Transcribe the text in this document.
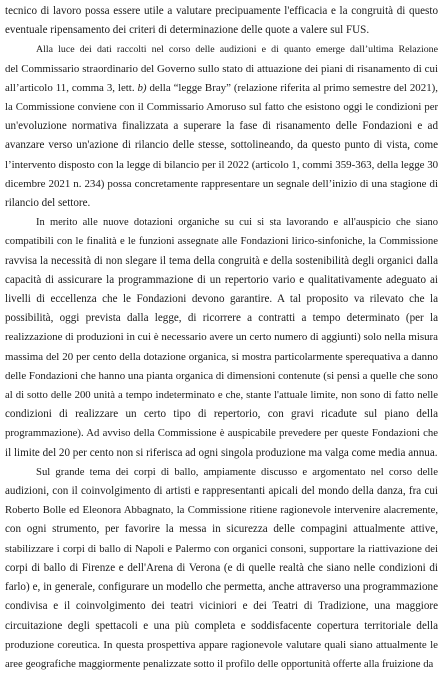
tecnico di lavoro possa essere utile a valutare precipuamente l'efficacia e la congruità di questo
eventuale ripensamento dei criteri di determinazione delle quote a valere sul FUS.

Alla luce dei dati raccolti nel corso delle audizioni e di quanto emerge dall’ultima Relazione
del Commissario straordinario del Governo sullo stato di attuazione dei piani di risanamento di cui
all’articolo 11, comma 3, lett. b) della “legge Bray” (relazione riferita al primo semestre del 2021),
la Commissione conviene con il Commissario Amoruso sul fatto che esistono oggi le condizioni per
un'evoluzione normativa finalizzata a superare la fase di risanamento delle Fondazioni e ad
avanzare verso un'azione di rilancio delle stesse, sottolineando, da questo punto di vista, come
l’intervento disposto con la legge di bilancio per il 2022 (articolo 1, commi 359-363, della legge 30
dicembre 2021 n. 234) possa concretamente rappresentare un segnale dell’inizio di una stagione di
rilancio del settore.

In merito alle nuove dotazioni organiche su cui si sta lavorando e all'auspicio che siano
compatibili con le finalità e le funzioni assegnate alle Fondazioni lirico-sinfoniche, la Commissione
ravvisa la necessità di non slegare il tema della congruità e della sostenibilità degli organici dalla
capacità di assicurare la programmazione di un repertorio vario e qualitativamente adeguato ai
livelli di eccellenza che le Fondazioni devono garantire. A tal proposito va rilevato che la
possibilità, oggi prevista dalla legge, di ricorrere a contratti a tempo determinato (per la
realizzazione di produzioni in cui è necessario avere un certo numero di aggiunti) solo nella misura
massima del 20 per cento della dotazione organica, si mostra particolarmente sperequativa a danno
delle Fondazioni che hanno una pianta organica di dimensioni contenute (si pensi a quelle che sono
al di sotto delle 200 unità a tempo indeterminato e che, stante l'attuale limite, non sono di fatto nelle
condizioni di realizzare un certo tipo di repertorio, con gravi ricadute sul piano della
programmazione). Ad avviso della Commissione è auspicabile prevedere per queste Fondazioni che
il limite del 20 per cento non si riferisca ad ogni singola produzione ma valga come media annua.

Sul grande tema dei corpi di ballo, ampiamente discusso e argomentato nel corso delle
audizioni, con il coinvolgimento di artisti e rappresentanti apicali del mondo della danza, fra cui
Roberto Bolle ed Eleonora Abbagnato, la Commissione ritiene ragionevole intervenire alacremente,
con ogni strumento, per favorire la messa in sicurezza delle compagini attualmente attive,
stabilizzare i corpi di ballo di Napoli e Palermo con organici consoni, supportare la riattivazione dei
corpi di ballo di Firenze e dell'Arena di Verona (e di quelle realtà che siano nelle condizioni di
farlo) e, in generale, configurare un modello che permetta, anche attraverso una programmazione
condivisa e il coinvolgimento dei teatri viciniori e dei Teatri di Tradizione, una maggiore
circuitazione degli spettacoli e una più completa e soddisfacente copertura territoriale della
produzione coreutica. In questa prospettiva appare ragionevole valutare quali siano attualmente le
aree geografiche maggiormente penalizzate sotto il profilo delle opportunità offerte alla fruizione da
